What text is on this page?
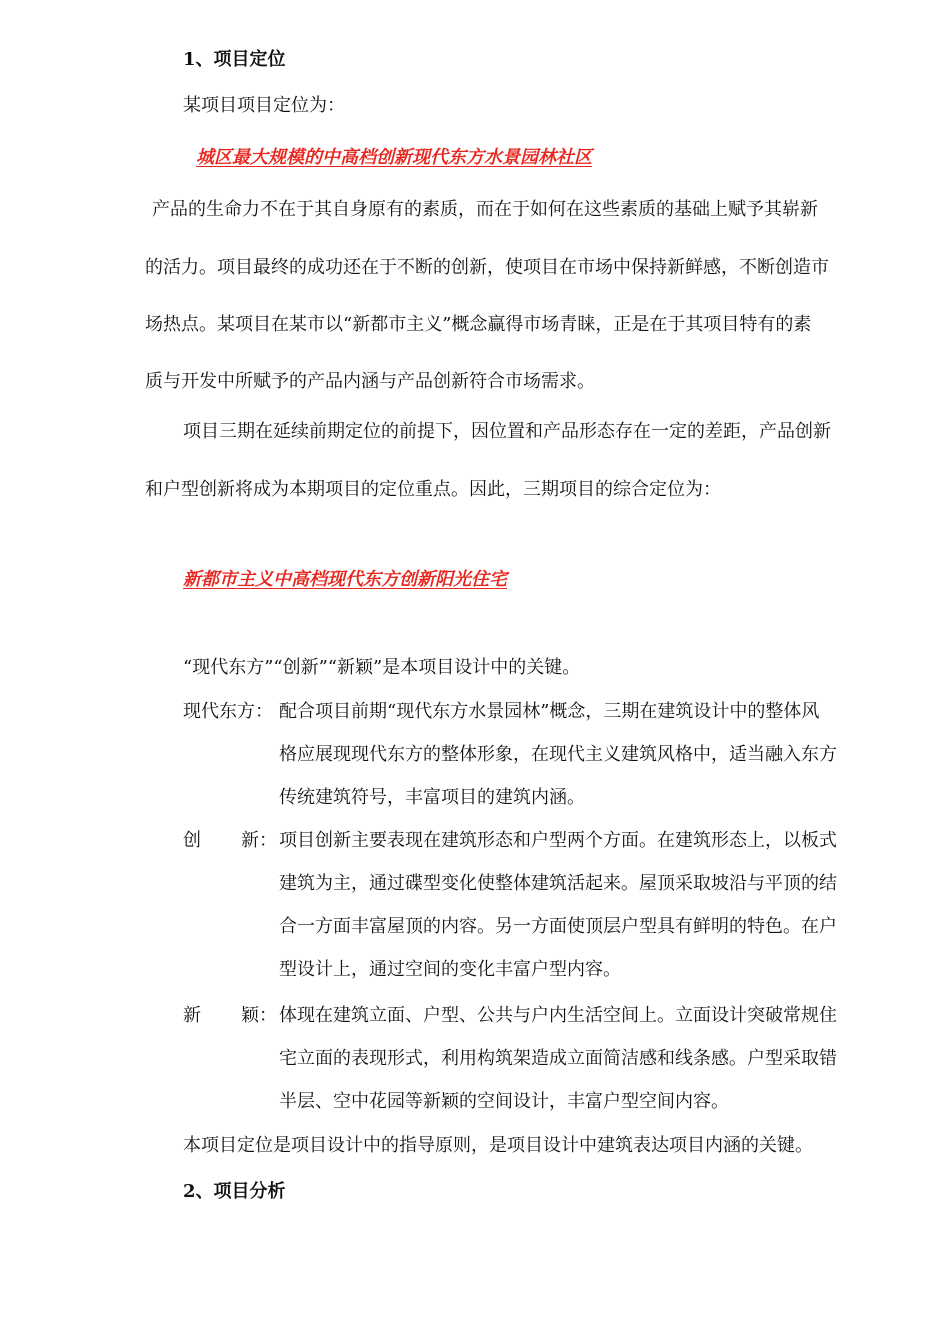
1、项目定位

某项目项目定位为：

城区最大规模的中高档创新现代东方水景园林社区

产品的生命力不在于其自身原有的素质，而在于如何在这些素质的基础上赋予其崭新

的活力。项目最终的成功还在于不断的创新，使项目在市场中保持新鲜感，不断创造市

场热点。某项目在某市以“新都市主义”概念赢得市场青睐，正是在于其项目特有的素

质与开发中所赋予的产品内涵与产品创新符合市场需求。

项目三期在延续前期定位的前提下，因位置和产品形态存在一定的差距，产品创新

和户型创新将成为本期项目的定位重点。因此，三期项目的综合定位为：

新都市主义中高档现代东方创新阳光住宅

“现代东方”“创新”“新颖”是本项目设计中的关键。

现代东方： 配合项目前期“现代东方水景园林”概念，三期在建筑设计中的整体风

格应展现现代东方的整体形象，在现代主义建筑风格中，适当融入东方

传统建筑符号，丰富项目的建筑内涵。

创 新： 项目创新主要表现在建筑形态和户型两个方面。在建筑形态上，以板式

建筑为主，通过碟型变化使整体建筑活起来。屋顶采取坡沿与平顶的结

合一方面丰富屋顶的内容。另一方面使顶层户型具有鲜明的特色。在户

型设计上，通过空间的变化丰富户型内容。

新 颖： 体现在建筑立面、户型、公共与户内生活空间上。立面设计突破常规住

宅立面的表现形式，利用构筑架造成立面简洁感和线条感。户型采取错

半层、空中花园等新颖的空间设计，丰富户型空间内容。

本项目定位是项目设计中的指导原则，是项目设计中建筑表达项目内涵的关键。

2、项目分析
